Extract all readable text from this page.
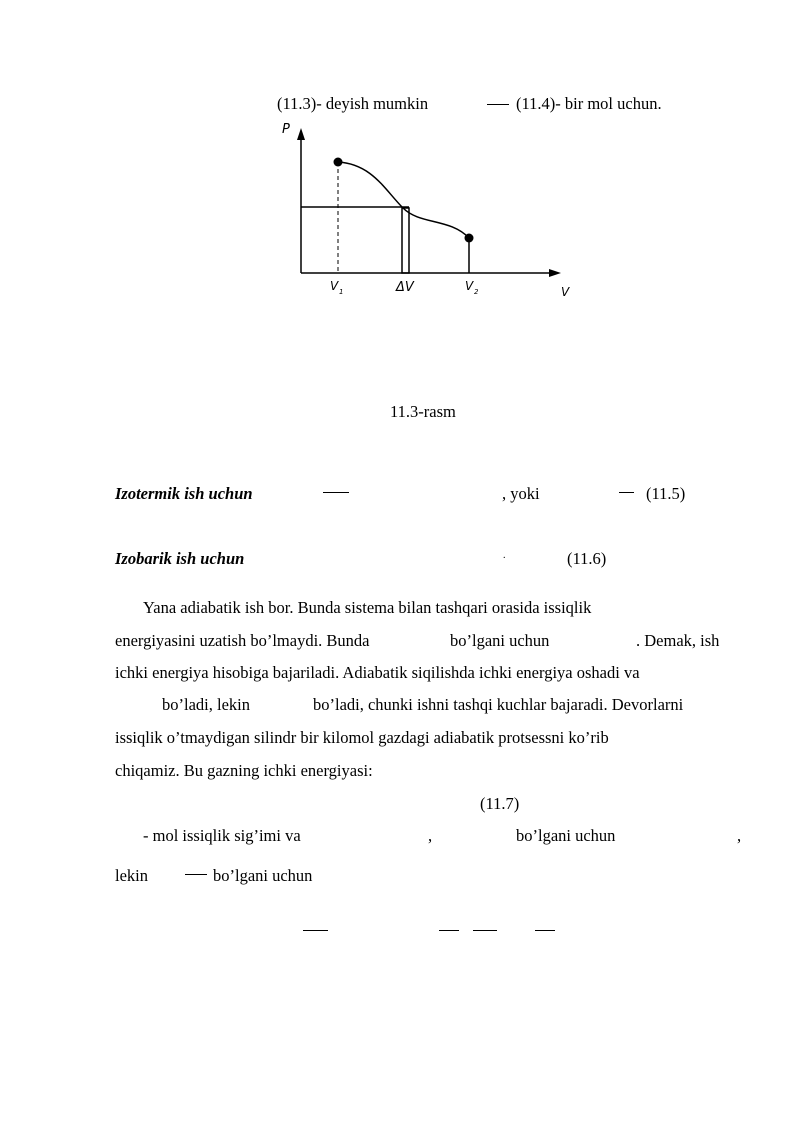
(11.3)- deyish mumkin	(11.4)- bir mol uchun.
P
V 1	ΔV	V 2	V
11.3-rasm
Izotermik ish uchun	, yoki	(11.5)
Izobarik ish uchun	.	(11.6)
Yana adiabatik ish bor. Bunda sistema bilan tashqari orasida issiqlik
energiyasini uzatish bo’lmaydi. Bunda	bo’lgani uchun	. Demak, ish
ichki energiya hisobiga bajariladi. Adiabatik siqilishda ichki energiya oshadi va
bo’ladi, lekin	bo’ladi, chunki ishni tashqi kuchlar bajaradi. Devorlarni
issiqlik o’tmaydigan silindr bir kilomol gazdagi adiabatik protsessni ko’rib
chiqamiz. Bu gazning ichki energiyasi:
(11.7)
- mol issiqlik sig’imi va	,	bo’lgani uchun	,
lekin	bo’lgani uchun
